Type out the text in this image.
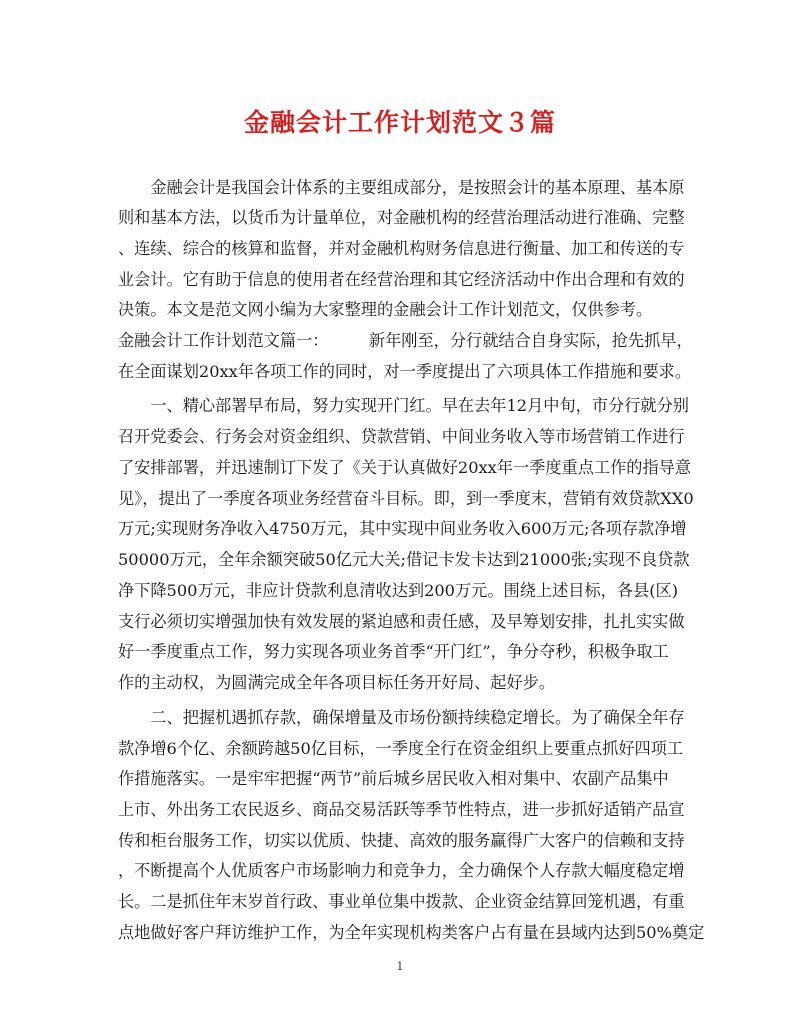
金融会计工作计划范文３篇
　　金融会计是我国会计体系的主要组成部分，是按照会计的基本原理、基本原
则和基本方法，以货币为计量单位，对金融机构的经营治理活动进行准确、完整
、连续、综合的核算和监督，并对金融机构财务信息进行衡量、加工和传送的专
业会计。它有助于信息的使用者在经营治理和其它经济活动中作出合理和有效的
决策。本文是范文网小编为大家整理的金融会计工作计划范文，仅供参考。
金融会计工作计划范文篇一：　　　新年刚至，分行就结合自身实际，抢先抓早，
在全面谋划20xx年各项工作的同时，对一季度提出了六项具体工作措施和要求。
　　一、精心部署早布局，努力实现开门红。早在去年12月中旬，市分行就分别
召开党委会、行务会对资金组织、贷款营销、中间业务收入等市场营销工作进行
了安排部署，并迅速制订下发了《关于认真做好20xx年一季度重点工作的指导意
见》，提出了一季度各项业务经营奋斗目标。即，到一季度末，营销有效贷款XX0
万元;实现财务净收入4750万元，其中实现中间业务收入600万元;各项存款净增
50000万元，全年余额突破50亿元大关;借记卡发卡达到21000张;实现不良贷款
净下降500万元，非应计贷款利息清收达到200万元。围绕上述目标，各县(区)
支行必须切实增强加快有效发展的紧迫感和责任感，及早筹划安排，扎扎实实做
好一季度重点工作，努力实现各项业务首季“开门红”，争分夺秒，积极争取工
作的主动权，为圆满完成全年各项目标任务开好局、起好步。
　　二、把握机遇抓存款，确保增量及市场份额持续稳定增长。为了确保全年存
款净增6个亿、余额跨越50亿目标，一季度全行在资金组织上要重点抓好四项工
作措施落实。一是牢牢把握“两节”前后城乡居民收入相对集中、农副产品集中
上市、外出务工农民返乡、商品交易活跃等季节性特点，进一步抓好适销产品宣
传和柜台服务工作，切实以优质、快捷、高效的服务赢得广大客户的信赖和支持
，不断提高个人优质客户市场影响力和竞争力，全力确保个人存款大幅度稳定增
长。二是抓住年末岁首行政、事业单位集中拨款、企业资金结算回笼机遇，有重
点地做好客户拜访维护工作，为全年实现机构类客户占有量在县域内达到50%奠定
1
